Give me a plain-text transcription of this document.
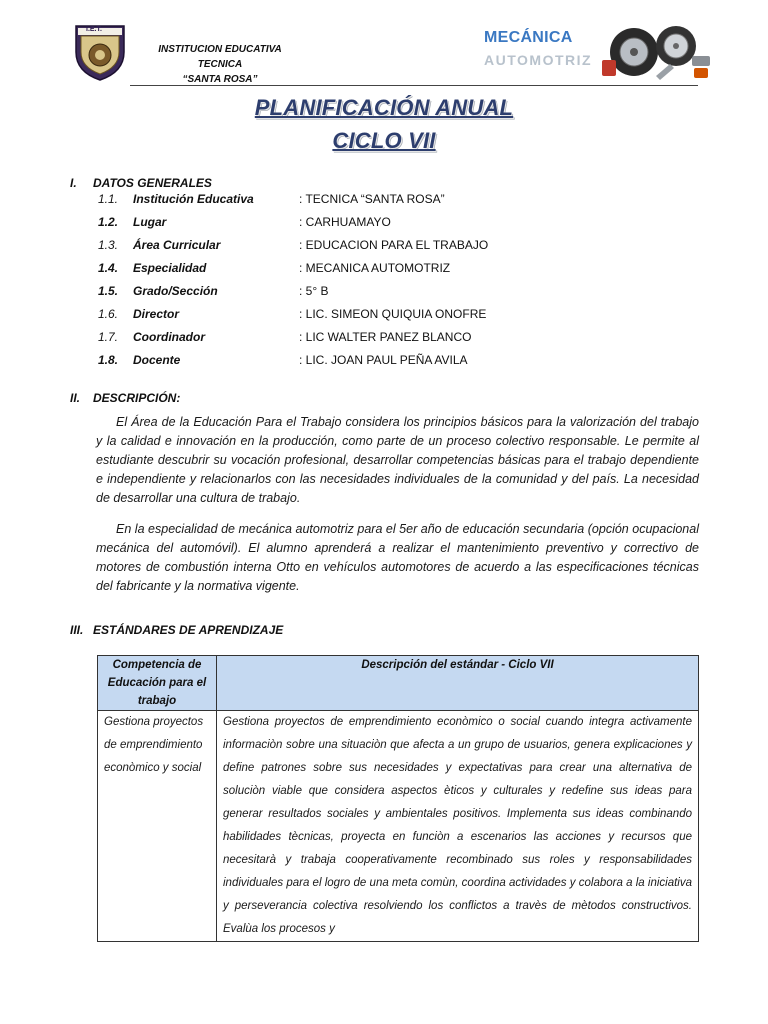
I.E.T.
INSTITUCION EDUCATIVA TECNICA
“SANTA ROSA”
MECÁNICA
AUTOMOTRIZ
PLANIFICACIÓN ANUAL
CICLO VII
I. DATOS GENERALES
1.1. Institución Educativa	: TECNICA “SANTA ROSA”
1.2. Lugar	: CARHUAMAYO
1.3. Área Curricular	: EDUCACION PARA EL TRABAJO
1.4. Especialidad	: MECANICA AUTOMOTRIZ
1.5. Grado/Sección	: 5° B
1.6. Director	: LIC. SIMEON QUIQUIA ONOFRE
1.7. Coordinador	: LIC WALTER PANEZ BLANCO
1.8. Docente	: LIC. JOAN PAUL PEÑA AVILA
II. DESCRIPCIÓN:
El Área de la Educación Para el Trabajo considera los principios básicos para la valorización del trabajo y la calidad e innovación en la producción, como parte de un proceso colectivo responsable. Le permite al estudiante descubrir su vocación profesional, desarrollar competencias básicas para el trabajo dependiente e independiente y relacionarlos con las necesidades individuales de la comunidad y del país. La necesidad de desarrollar una cultura de trabajo.
En la especialidad de mecánica automotriz para el 5er año de educación secundaria (opción ocupacional mecánica del automóvil). El alumno aprenderá a realizar el mantenimiento preventivo y correctivo de motores de combustión interna Otto en vehículos automotores de acuerdo a las especificaciones técnicas del fabricante y la normativa vigente.
III. ESTÁNDARES DE APRENDIZAJE
Competencia de Educación para el trabajo	Descripción del estándar - Ciclo VII
Gestiona proyectos de emprendimiento econòmico y social	Gestiona proyectos de emprendimiento econòmico o social cuando integra activamente informaciòn sobre una situaciòn que afecta a un grupo de usuarios, genera explicaciones y define patrones sobre sus necesidades y expectativas para crear una alternativa de soluciòn viable que considera aspectos èticos y culturales y redefine sus ideas para generar resultados sociales y ambientales positivos. Implementa sus ideas combinando habilidades tècnicas, proyecta en funciòn a escenarios las acciones y recursos que necesitarà y trabaja cooperativamente recombinado sus roles y responsabilidades individuales para el logro de una meta comùn, coordina actividades y colabora a la iniciativa y perseverancia colectiva resolviendo los conflictos a travès de mètodos constructivos. Evalùa los procesos y
